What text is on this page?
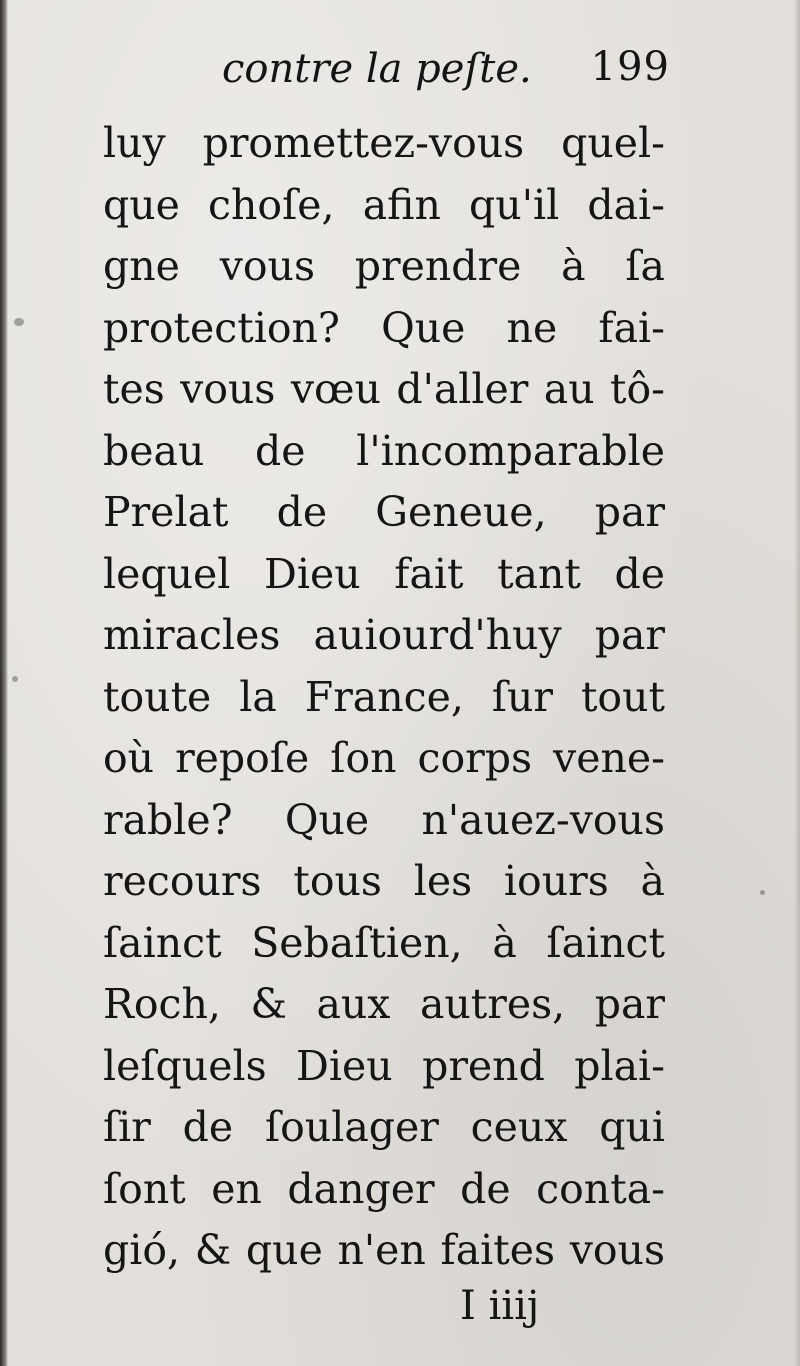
contre la peſte. 199
luy promettez-vous quel-
que choſe, afin qu'il dai-
gne vous prendre à ſa
protection? Que ne fai-
tes vous vœu d'aller au tô-
beau de l'incomparable
Prelat de Geneue, par
lequel Dieu fait tant de
miracles auiourd'huy par
toute la France, ſur tout
où repoſe ſon corps vene-
rable? Que n'auez-vous
recours tous les iours à
ſainct Sebaſtien, à ſainct
Roch, & aux autres, par
leſquels Dieu prend plai-
ſir de ſoulager ceux qui
ſont en danger de conta-
gió, & que n'en faites vous
I iiij
